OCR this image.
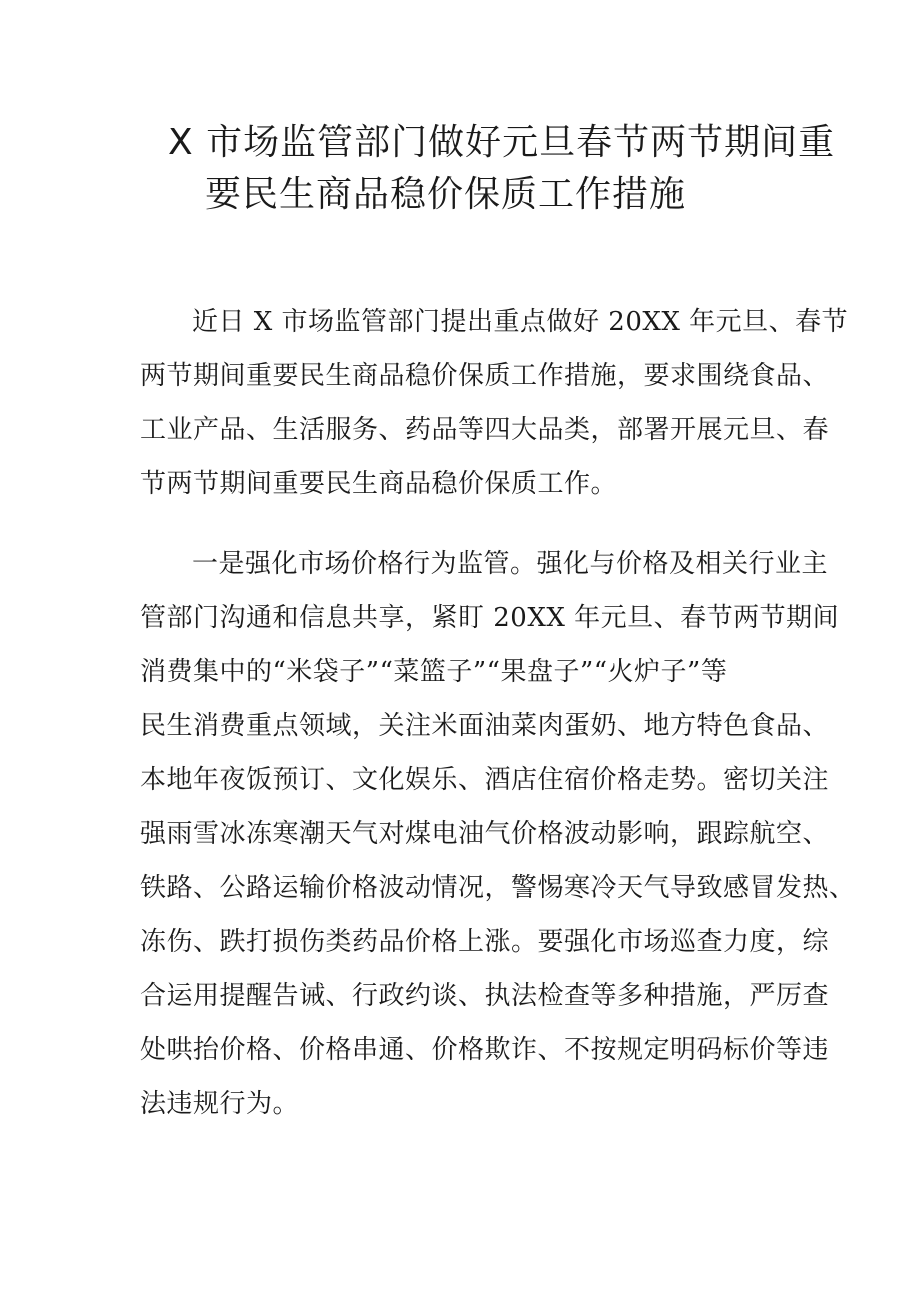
X 市场监管部门做好元旦春节两节期间重
要民生商品稳价保质工作措施
近日 X 市场监管部门提出重点做好 20XX 年元旦、春节
两节期间重要民生商品稳价保质工作措施，要求围绕食品、
工业产品、生活服务、药品等四大品类，部署开展元旦、春
节两节期间重要民生商品稳价保质工作。
一是强化市场价格行为监管。强化与价格及相关行业主
管部门沟通和信息共享，紧盯 20XX 年元旦、春节两节期间
消费集中的“米袋子”“菜篮子”“果盘子”“火炉子”等
民生消费重点领域，关注米面油菜肉蛋奶、地方特色食品、
本地年夜饭预订、文化娱乐、酒店住宿价格走势。密切关注
强雨雪冰冻寒潮天气对煤电油气价格波动影响，跟踪航空、
铁路、公路运输价格波动情况，警惕寒冷天气导致感冒发热、
冻伤、跌打损伤类药品价格上涨。要强化市场巡查力度，综
合运用提醒告诫、行政约谈、执法检查等多种措施，严厉查
处哄抬价格、价格串通、价格欺诈、不按规定明码标价等违
法违规行为。
